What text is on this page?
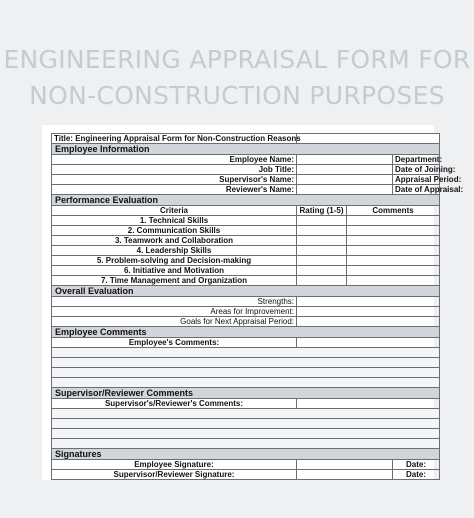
ENGINEERING APPRAISAL FORM FOR
NON-CONSTRUCTION PURPOSES
Title: Engineering Appraisal Form for Non-Construction Reasons			
Employee Information			
Employee Name:			Department:
Job Title:			Date of Joining:
Supervisor's Name:			Appraisal Period:
Reviewer's Name:			Date of Appraisal:
Performance Evaluation			
Criteria	Rating (1-5)	Comments	
1. Technical Skills			
2. Communication Skills			
3. Teamwork and Collaboration			
4. Leadership Skills			
5. Problem-solving and Decision-making			
6. Initiative and Motivation			
7. Time Management and Organization			
Overall Evaluation			
Strengths:			
Areas for Improvement:			
Goals for Next Appraisal Period:			
Employee Comments			
Employee's Comments:			

Supervisor/Reviewer Comments			
Supervisor's/Reviewer's Comments:			

Signatures			
Employee Signature:			Date:
Supervisor/Reviewer Signature:			Date:
